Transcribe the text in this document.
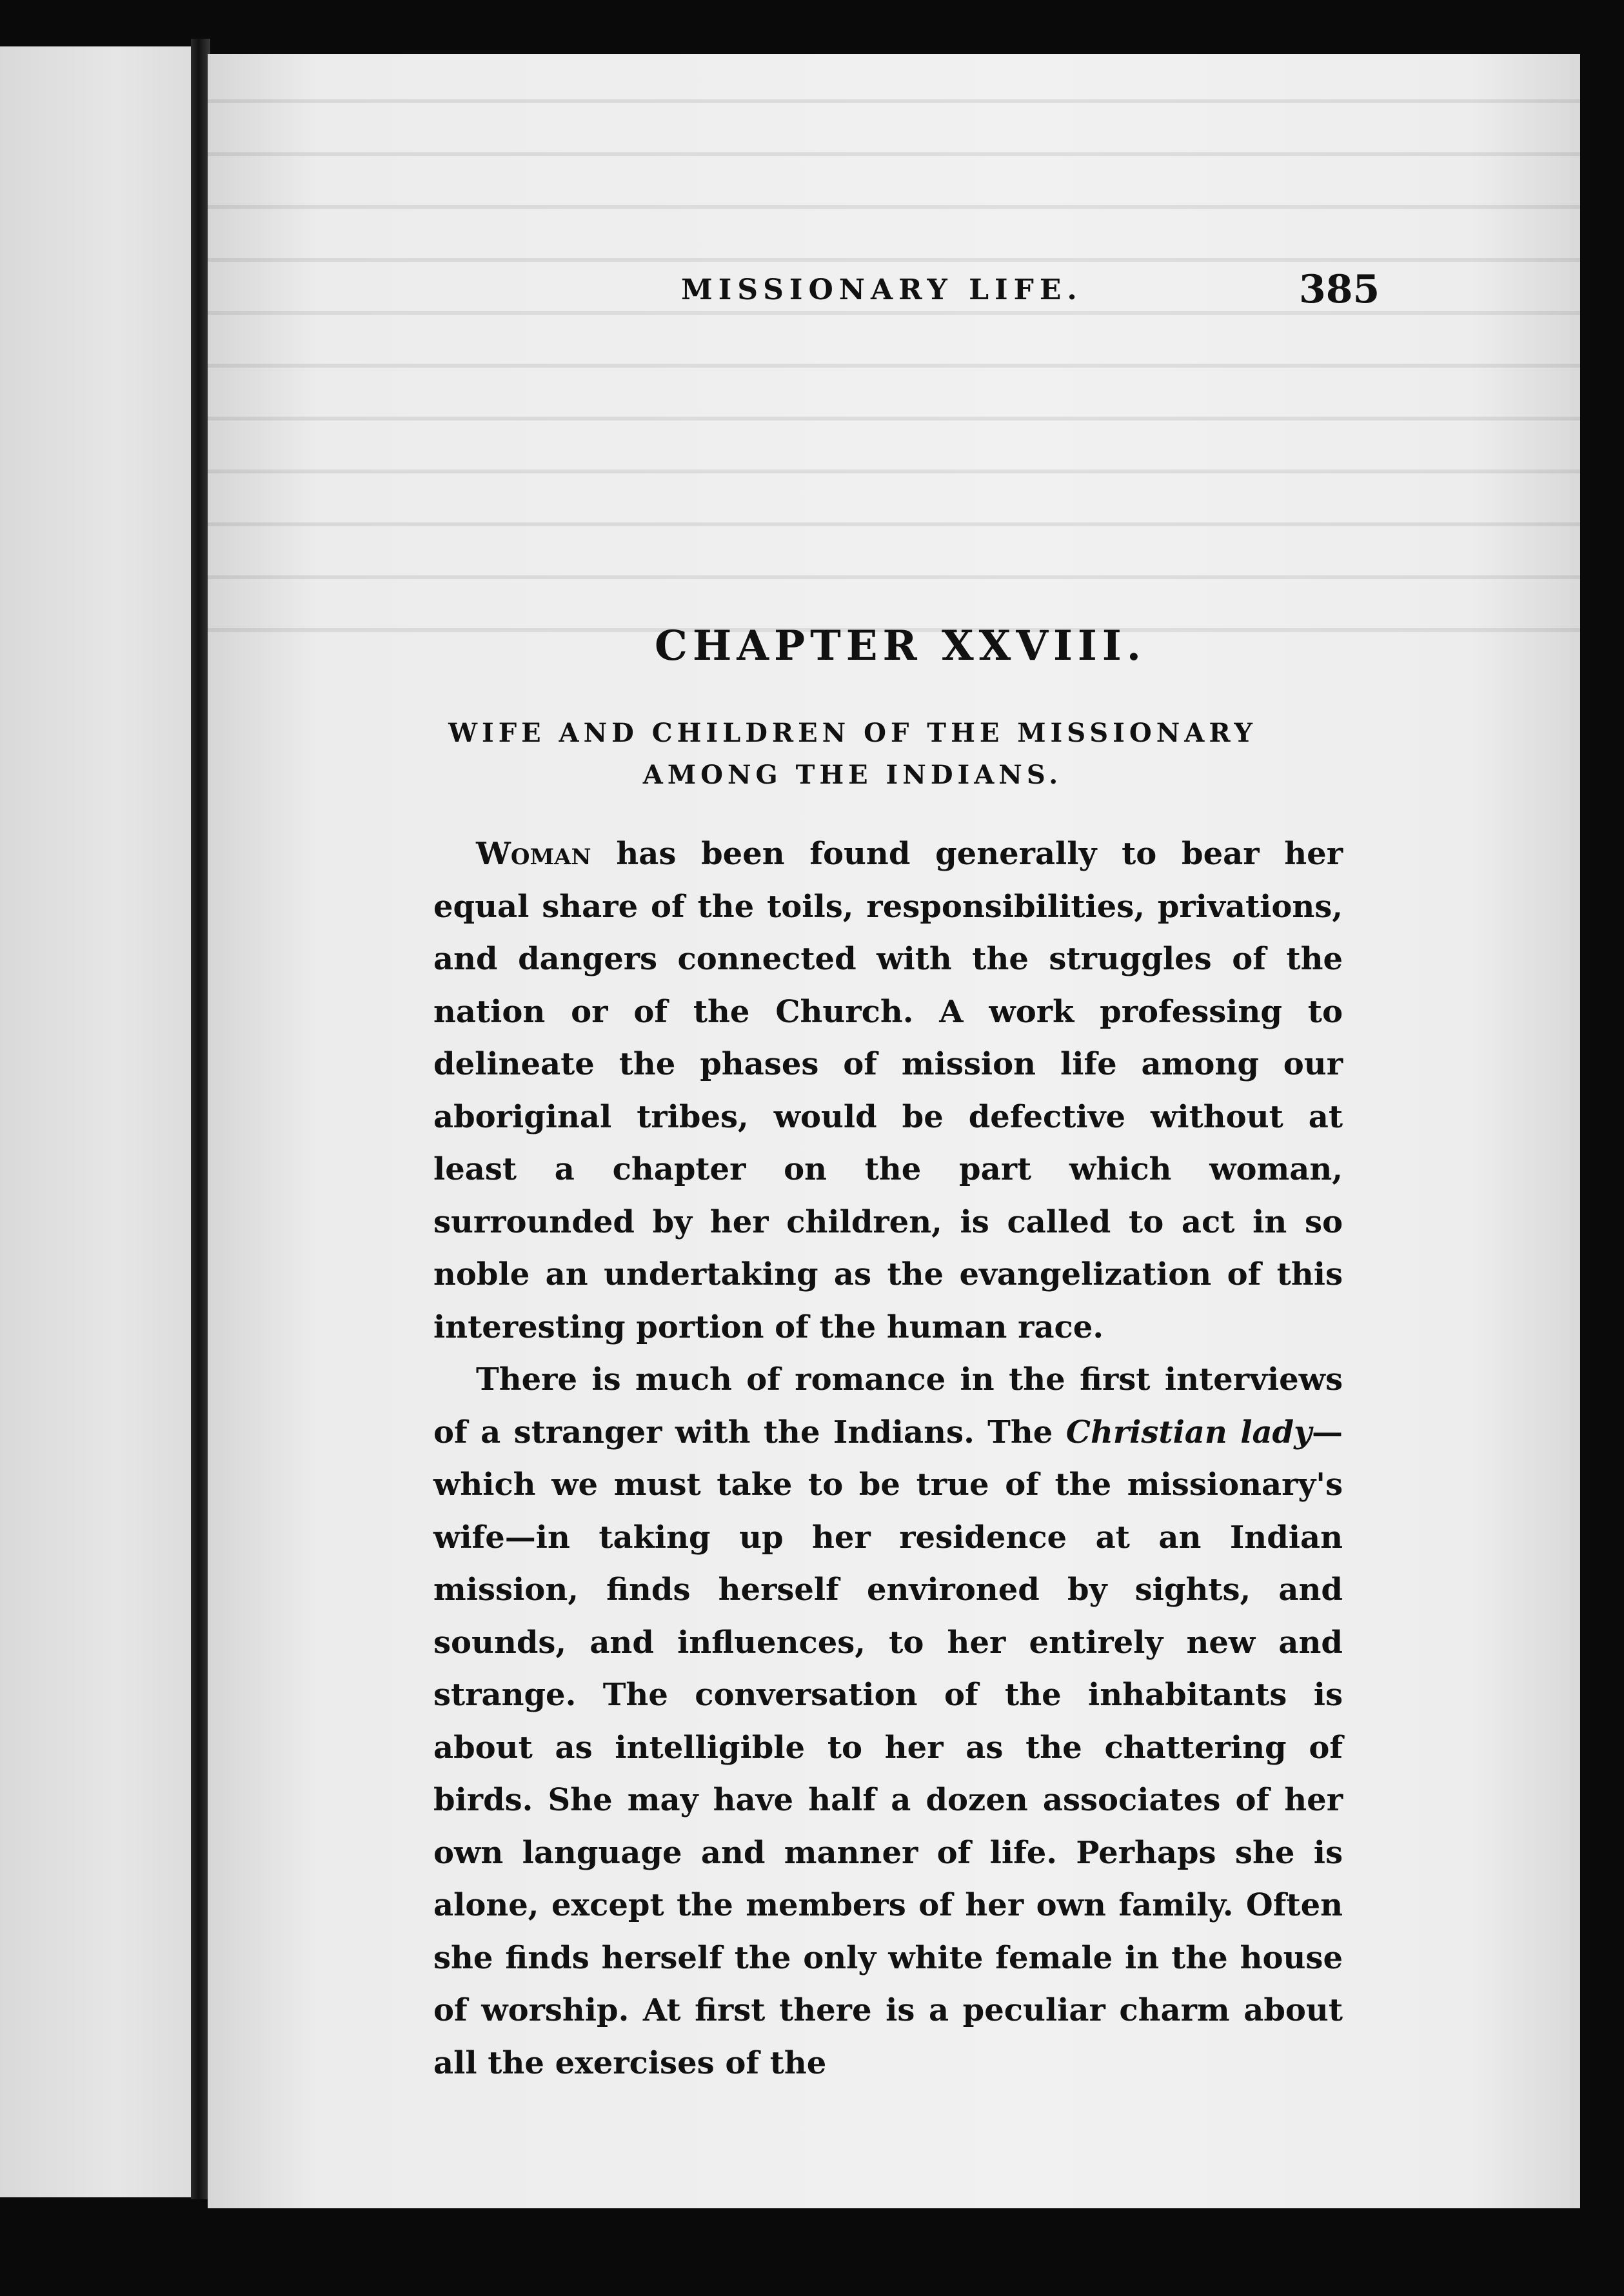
MISSIONARY LIFE.	385
CHAPTER XXVIII.
WIFE AND CHILDREN OF THE MISSIONARY
AMONG THE INDIANS.

Woman has been found generally to bear her equal share of the toils, responsibilities, privations, and dangers connected with the struggles of the nation or of the Church. A work professing to delineate the phases of mission life among our aboriginal tribes, would be defective without at least a chapter on the part which woman, surrounded by her children, is called to act in so noble an undertaking as the evangelization of this interesting portion of the human race.

There is much of romance in the first interviews of a stranger with the Indians. The Christian lady—which we must take to be true of the missionary's wife—in taking up her residence at an Indian mission, finds herself environed by sights, and sounds, and influences, to her entirely new and strange. The conversation of the inhabitants is about as intelligible to her as the chattering of birds. She may have half a dozen associates of her own language and manner of life. Perhaps she is alone, except the members of her own family. Often she finds herself the only white female in the house of worship. At first there is a peculiar charm about all the exercises of the
